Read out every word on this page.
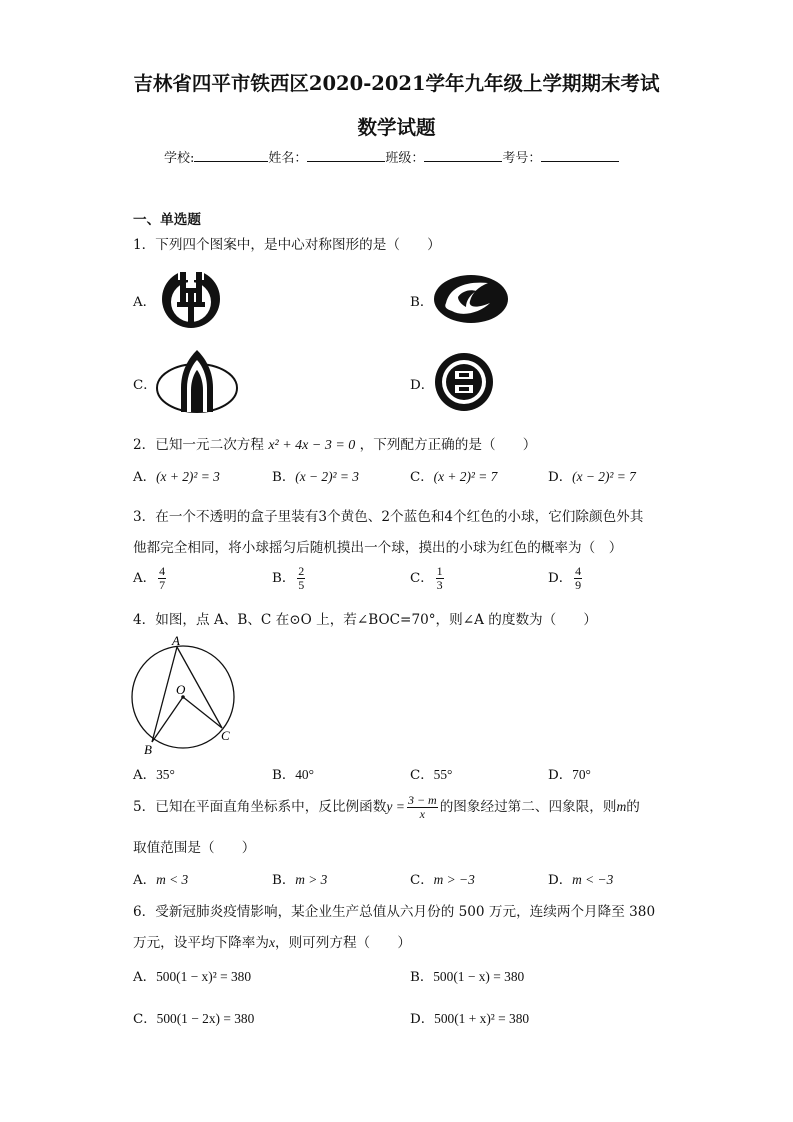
吉林省四平市铁西区2020-2021学年九年级上学期期末考试
数学试题
学校:	姓名：	班级：	考号：
一、单选题
1．下列四个图案中，是中心对称图形的是（　　）
A．	B．
C．	D．
2．已知一元二次方程 x² + 4x − 3 = 0 ，下列配方正确的是（　　）
A．(x + 2)² = 3	B．(x − 2)² = 3	C．(x + 2)² = 7	D．(x − 2)² = 7
3．在一个不透明的盒子里装有3个黄色、2个蓝色和4个红色的小球，它们除颜色外其
他都完全相同，将小球摇匀后随机摸出一个球，摸出的小球为红色的概率为（　）
A． $\frac{4}{7}$	B． $\frac{2}{5}$	C． $\frac{1}{3}$	D． $\frac{4}{9}$
4．如图，点 A、B、C 在⊙O 上，若∠BOC=70°，则∠A 的度数为（　　）
A
O
B
C
A．35°	B．40°	C．55°	D．70°
5．已知在平面直角坐标系中，反比例函数$y = \frac{3 - m}{x}$ 的图象经过第二、四象限，则m的
取值范围是（　　）
A．m < 3	B．m > 3	C．m > −3	D．m < −3
6．受新冠肺炎疫情影响，某企业生产总值从六月份的 500 万元，连续两个月降至 380
万元，设平均下降率为x，则可列方程（　　）
A．500(1 − x)² = 380	B．500(1 − x) = 380
C．500(1 − 2x) = 380	D．500(1 + x)² = 380
